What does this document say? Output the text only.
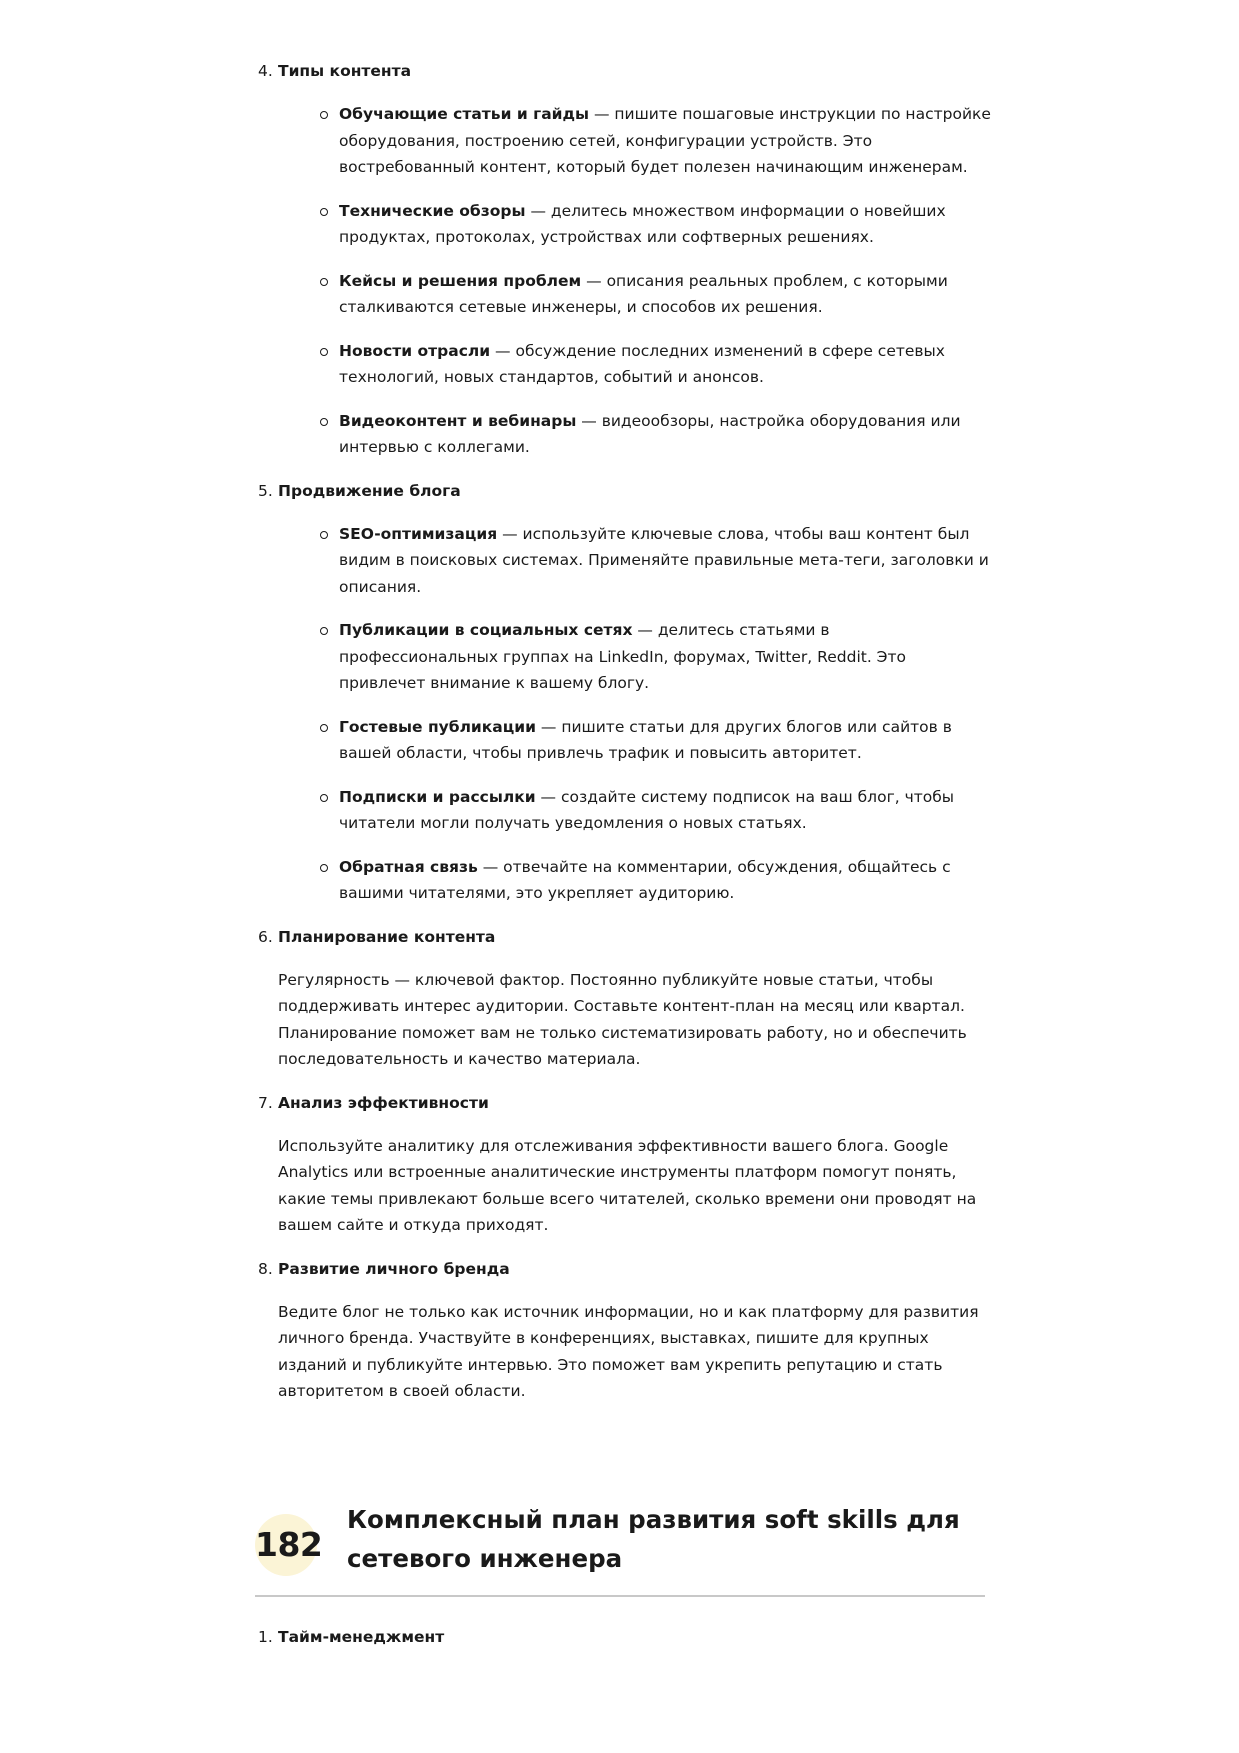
4. Типы контента

Обучающие статьи и гайды — пишите пошаговые инструкции по настройке оборудования, построению сетей, конфигурации устройств. Это востребованный контент, который будет полезен начинающим инженерам.
Технические обзоры — делитесь множеством информации о новейших продуктах, протоколах, устройствах или софтверных решениях.
Кейсы и решения проблем — описания реальных проблем, с которыми сталкиваются сетевые инженеры, и способов их решения.
Новости отрасли — обсуждение последних изменений в сфере сетевых технологий, новых стандартов, событий и анонсов.
Видеоконтент и вебинары — видеообзоры, настройка оборудования или интервью с коллегами.

5. Продвижение блога

SEO-оптимизация — используйте ключевые слова, чтобы ваш контент был видим в поисковых системах. Применяйте правильные мета-теги, заголовки и описания.
Публикации в социальных сетях — делитесь статьями в профессиональных группах на LinkedIn, форумах, Twitter, Reddit. Это привлечет внимание к вашему блогу.
Гостевые публикации — пишите статьи для других блогов или сайтов в вашей области, чтобы привлечь трафик и повысить авторитет.
Подписки и рассылки — создайте систему подписок на ваш блог, чтобы читатели могли получать уведомления о новых статьях.
Обратная связь — отвечайте на комментарии, обсуждения, общайтесь с вашими читателями, это укрепляет аудиторию.

6. Планирование контента

Регулярность — ключевой фактор. Постоянно публикуйте новые статьи, чтобы поддерживать интерес аудитории. Составьте контент-план на месяц или квартал. Планирование поможет вам не только систематизировать работу, но и обеспечить последовательность и качество материала.

7. Анализ эффективности

Используйте аналитику для отслеживания эффективности вашего блога. Google Analytics или встроенные аналитические инструменты платформ помогут понять, какие темы привлекают больше всего читателей, сколько времени они проводят на вашем сайте и откуда приходят.

8. Развитие личного бренда

Ведите блог не только как источник информации, но и как платформу для развития личного бренда. Участвуйте в конференциях, выставках, пишите для крупных изданий и публикуйте интервью. Это поможет вам укрепить репутацию и стать авторитетом в своей области.

182
Комплексный план развития soft skills для сетевого инженера

1. Тайм-менеджмент
